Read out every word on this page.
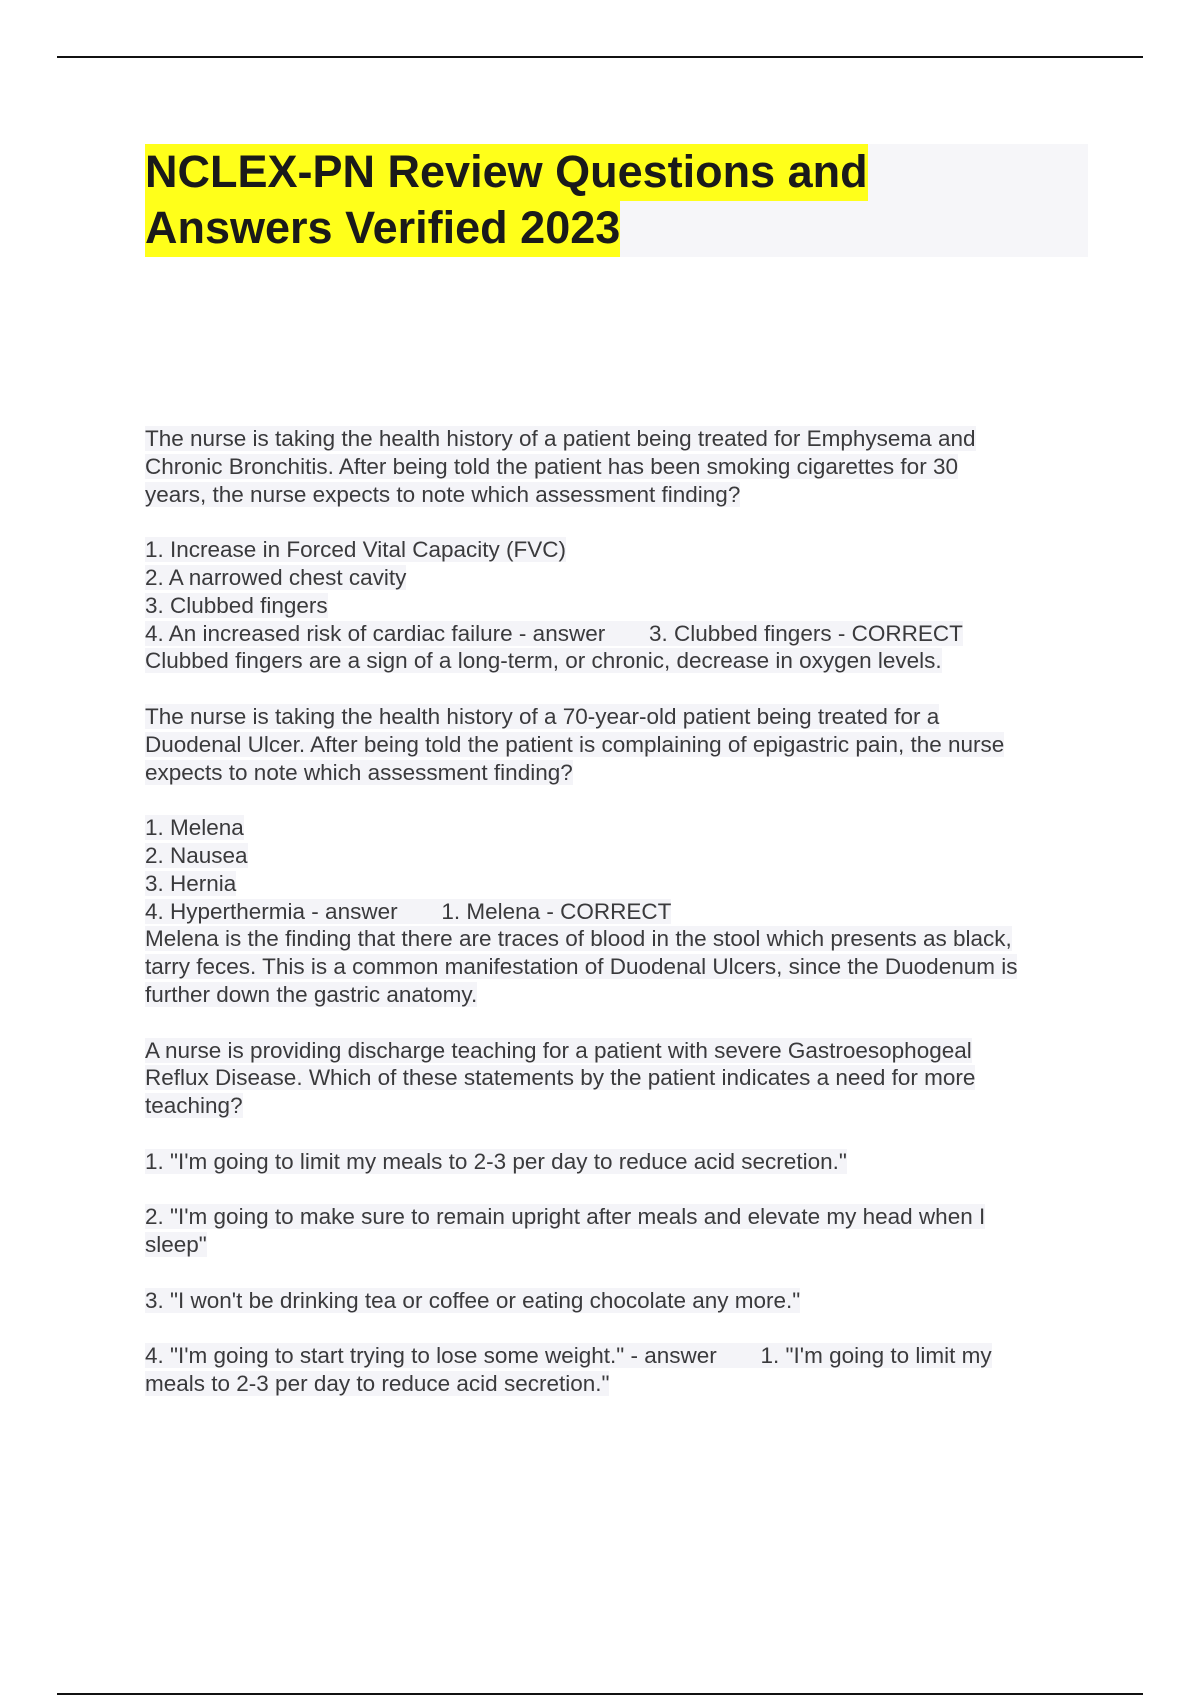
NCLEX-PN Review Questions and
Answers Verified 2023

The nurse is taking the health history of a patient being treated for Emphysema and
Chronic Bronchitis. After being told the patient has been smoking cigarettes for 30
years, the nurse expects to note which assessment finding?

1. Increase in Forced Vital Capacity (FVC)
2. A narrowed chest cavity
3. Clubbed fingers
4. An increased risk of cardiac failure - answer       3. Clubbed fingers - CORRECT
Clubbed fingers are a sign of a long-term, or chronic, decrease in oxygen levels.

The nurse is taking the health history of a 70-year-old patient being treated for a
Duodenal Ulcer. After being told the patient is complaining of epigastric pain, the nurse
expects to note which assessment finding?

1. Melena
2. Nausea
3. Hernia
4. Hyperthermia - answer       1. Melena - CORRECT
Melena is the finding that there are traces of blood in the stool which presents as black,
tarry feces. This is a common manifestation of Duodenal Ulcers, since the Duodenum is
further down the gastric anatomy.

A nurse is providing discharge teaching for a patient with severe Gastroesophogeal
Reflux Disease. Which of these statements by the patient indicates a need for more
teaching?

1. "I'm going to limit my meals to 2-3 per day to reduce acid secretion."

2. "I'm going to make sure to remain upright after meals and elevate my head when I
sleep"

3. "I won't be drinking tea or coffee or eating chocolate any more."

4. "I'm going to start trying to lose some weight." - answer       1. "I'm going to limit my
meals to 2-3 per day to reduce acid secretion."
